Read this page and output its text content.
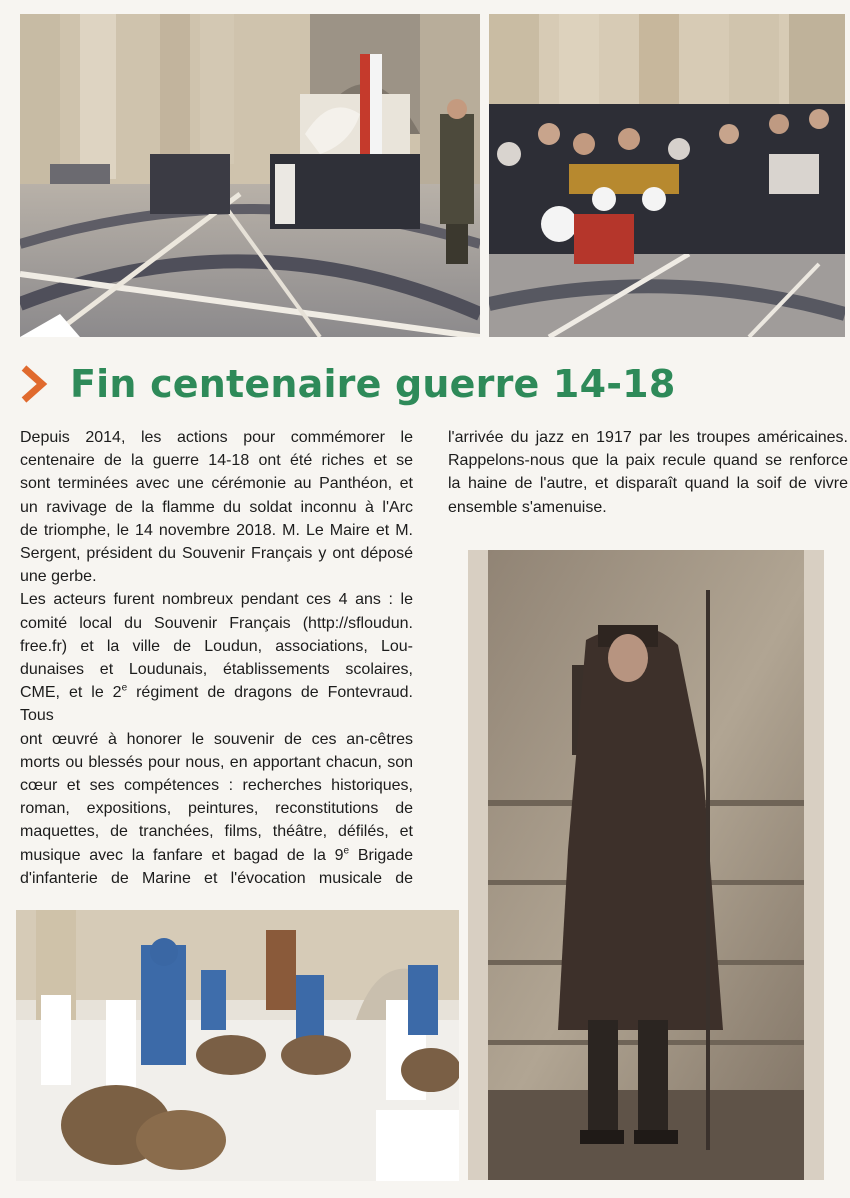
Fin centenaire guerre 14-18

Depuis 2014, les actions pour commémorer le

centenaire de la guerre 14-18 ont été riches et se

sont terminées avec une cérémonie au Panthéon, et

un ravivage de la flamme du soldat inconnu à l'Arc

de triomphe, le 14 novembre 2018. M. Le Maire et M.

Sergent, président du Souvenir Français y ont déposé

une gerbe.

Les acteurs furent nombreux pendant ces 4 ans : le

comité local du Souvenir Français (http://sfloudun.

free.fr) et la ville de Loudun, associations, Lou-

dunaises et Loudunais, établissements scolaires,

CME, et le 2e régiment de dragons de Fontevraud. Tous

ont œuvré à honorer le souvenir de ces an-cêtres

morts ou blessés pour nous, en apportant chacun, son

cœur et ses compétences : recherches historiques,

roman, expositions, peintures, reconstitutions de

maquettes, de tranchées, films, théâtre, défilés, et

musique avec la fanfare et bagad de la 9e Brigade

d'infanterie de Marine et l'évocation musicale de

l'arrivée du jazz en 1917 par les troupes américaines.

Rappelons-nous que la paix recule quand se renforce

la haine de l'autre, et disparaît quand la soif de vivre

ensemble s'amenuise.
